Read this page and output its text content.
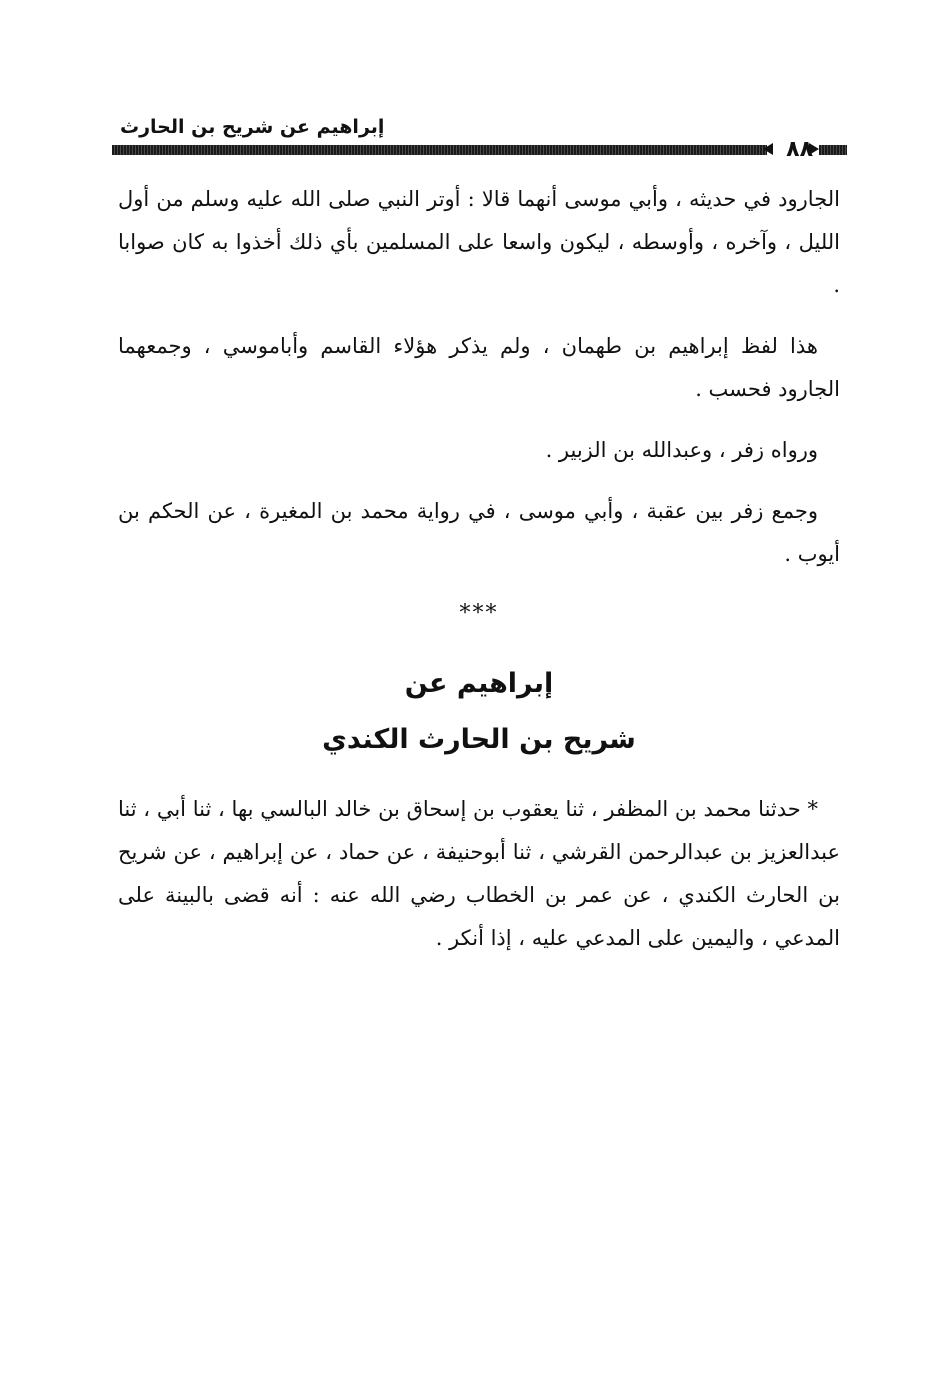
إبراهيم عن شريح بن الحارث
٨٨

الجارود في حديثه ، وأبي موسى أنهما قالا : أوتر النبي صلى الله عليه وسلم من أول الليل ، وآخره ، وأوسطه ، ليكون واسعا على المسلمين بأي ذلك أخذوا به كان صوابا .

هذا لفظ إبراهيم بن طهمان ، ولم يذكر هؤلاء القاسم وأباموسي ، وجمعهما الجارود فحسب .

ورواه زفر ، وعبدالله بن الزبير .

وجمع زفر بين عقبة ، وأبي موسى ، في رواية محمد بن المغيرة ، عن الحكم بن أيوب .

***
إبراهيم عن
شريح بن الحارث الكندي

* حدثنا محمد بن المظفر ، ثنا يعقوب بن إسحاق بن خالد البالسي بها ، ثنا أبي ، ثنا عبدالعزيز بن عبدالرحمن القرشي ، ثنا أبوحنيفة ، عن حماد ، عن إبراهيم ، عن شريح بن الحارث الكندي ، عن عمر بن الخطاب رضي الله عنه : أنه قضى بالبينة على المدعي ، واليمين على المدعي عليه ، إذا أنكر .
